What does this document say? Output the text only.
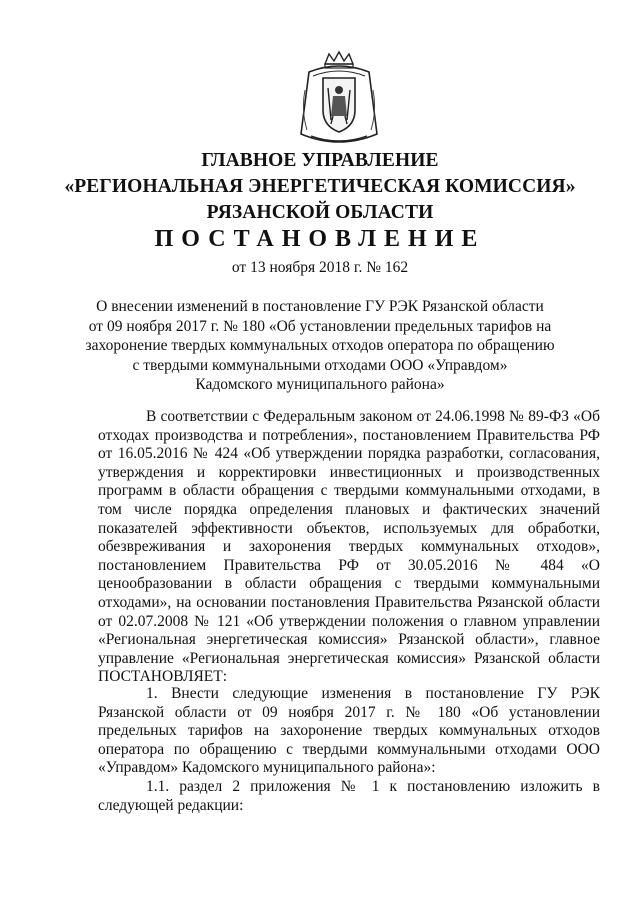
ГЛАВНОЕ УПРАВЛЕНИЕ
«РЕГИОНАЛЬНАЯ ЭНЕРГЕТИЧЕСКАЯ КОМИССИЯ»
РЯЗАНСКОЙ ОБЛАСТИ
ПОСТАНОВЛЕНИЕ
от 13 ноября 2018 г. № 162
О внесении изменений в постановление ГУ РЭК Рязанской области
от 09 ноября 2017 г. № 180 «Об установлении предельных тарифов на
захоронение твердых коммунальных отходов оператора по обращению
с твердыми коммунальными отходами ООО «Управдом»
Кадомского муниципального района»

В соответствии с Федеральным законом от 24.06.1998 № 89-ФЗ «Об отходах производства и потребления», постановлением Правительства РФ от 16.05.2016 № 424 «Об утверждении порядка разработки, согласования, утверждения и корректировки инвестиционных и производственных программ в области обращения с твердыми коммунальными отходами, в том числе порядка определения плановых и фактических значений показателей эффективности объектов, используемых для обработки, обезвреживания и захоронения твердых коммунальных отходов», постановлением Правительства РФ от 30.05.2016 № 484 «О ценообразовании в области обращения с твердыми коммунальными отходами», на основании постановления Правительства Рязанской области от 02.07.2008 № 121 «Об утверждении положения о главном управлении «Региональная энергетическая комиссия» Рязанской области», главное управление «Региональная энергетическая комиссия» Рязанской области ПОСТАНОВЛЯЕТ:

1. Внести следующие изменения в постановление ГУ РЭК Рязанской области от 09 ноября 2017 г. № 180 «Об установлении предельных тарифов на захоронение твердых коммунальных отходов оператора по обращению с твердыми коммунальными отходами ООО «Управдом» Кадомского муниципального района»:

1.1. раздел 2 приложения № 1 к постановлению изложить в следующей редакции:
